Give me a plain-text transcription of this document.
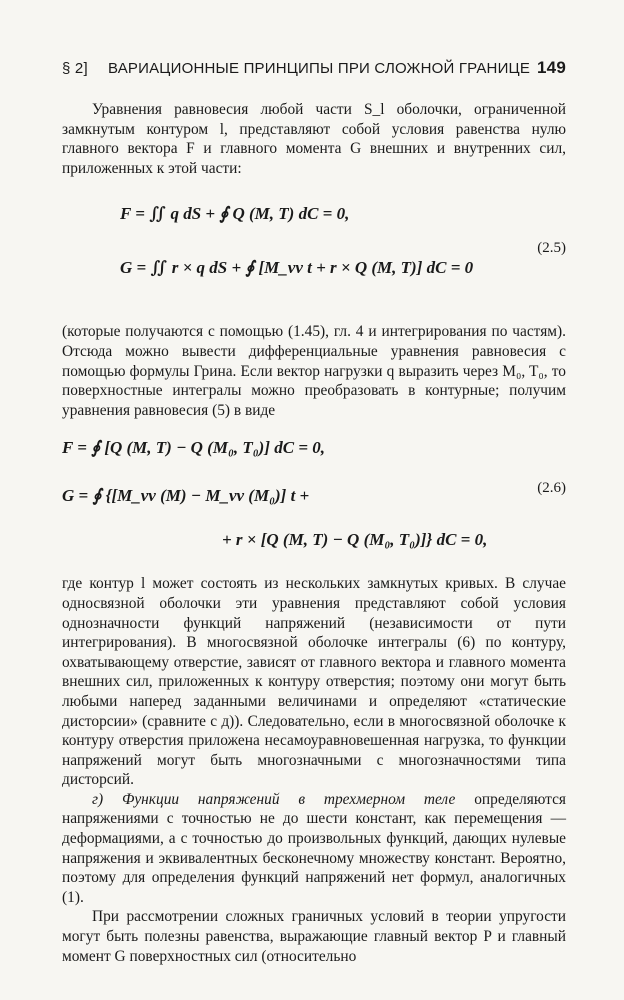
§ 2]	ВАРИАЦИОННЫЕ ПРИНЦИПЫ ПРИ СЛОЖНОЙ ГРАНИЦЕ 149

Уравнения равновесия любой части S_l оболочки, ограниченной замкнутым контуром l, представляют собой условия равенства нулю главного вектора F и главного момента G внешних и внутренних сил, приложенных к этой части:

F = ∬ q dS + ∮ Q (M, T) dC = 0,
G = ∬ r × q dS + ∮ [M_vv t + r × Q (M, T)] dC = 0
(2.5)

(которые получаются с помощью (1.45), гл. 4 и интегрирования по частям). Отсюда можно вывести дифференциальные уравнения равновесия с помощью формулы Грина. Если вектор нагрузки q выразить через M₀, T₀, то поверхностные интегралы можно преобразовать в контурные; получим уравнения равновесия (5) в виде

F = ∮ [Q (M, T) − Q (M₀, T₀)] dC = 0,
G = ∮ {[M_vv (M) − M_vv (M₀)] t +
+ r × [Q (M, T) − Q (M₀, T₀)]} dC = 0,
(2.6)

где контур l может состоять из нескольких замкнутых кривых. В случае односвязной оболочки эти уравнения представляют собой условия однозначности функций напряжений (независимости от пути интегрирования). В многосвязной оболочке интегралы (6) по контуру, охватывающему отверстие, зависят от главного вектора и главного момента внешних сил, приложенных к контуру отверстия; поэтому они могут быть любыми наперед заданными величинами и определяют «статические дисторсии» (сравните с д)). Следовательно, если в многосвязной оболочке к контуру отверстия приложена несамоуравновешенная нагрузка, то функции напряжений могут быть многозначными с многозначностями типа дисторсий.

г) Функции напряжений в трехмерном теле определяются напряжениями с точностью не до шести констант, как перемещения — деформациями, а с точностью до произвольных функций, дающих нулевые напряжения и эквивалентных бесконечному множеству констант. Вероятно, поэтому для определения функций напряжений нет формул, аналогичных (1).

При рассмотрении сложных граничных условий в теории упругости могут быть полезны равенства, выражающие главный вектор P и главный момент G поверхностных сил (относительно
